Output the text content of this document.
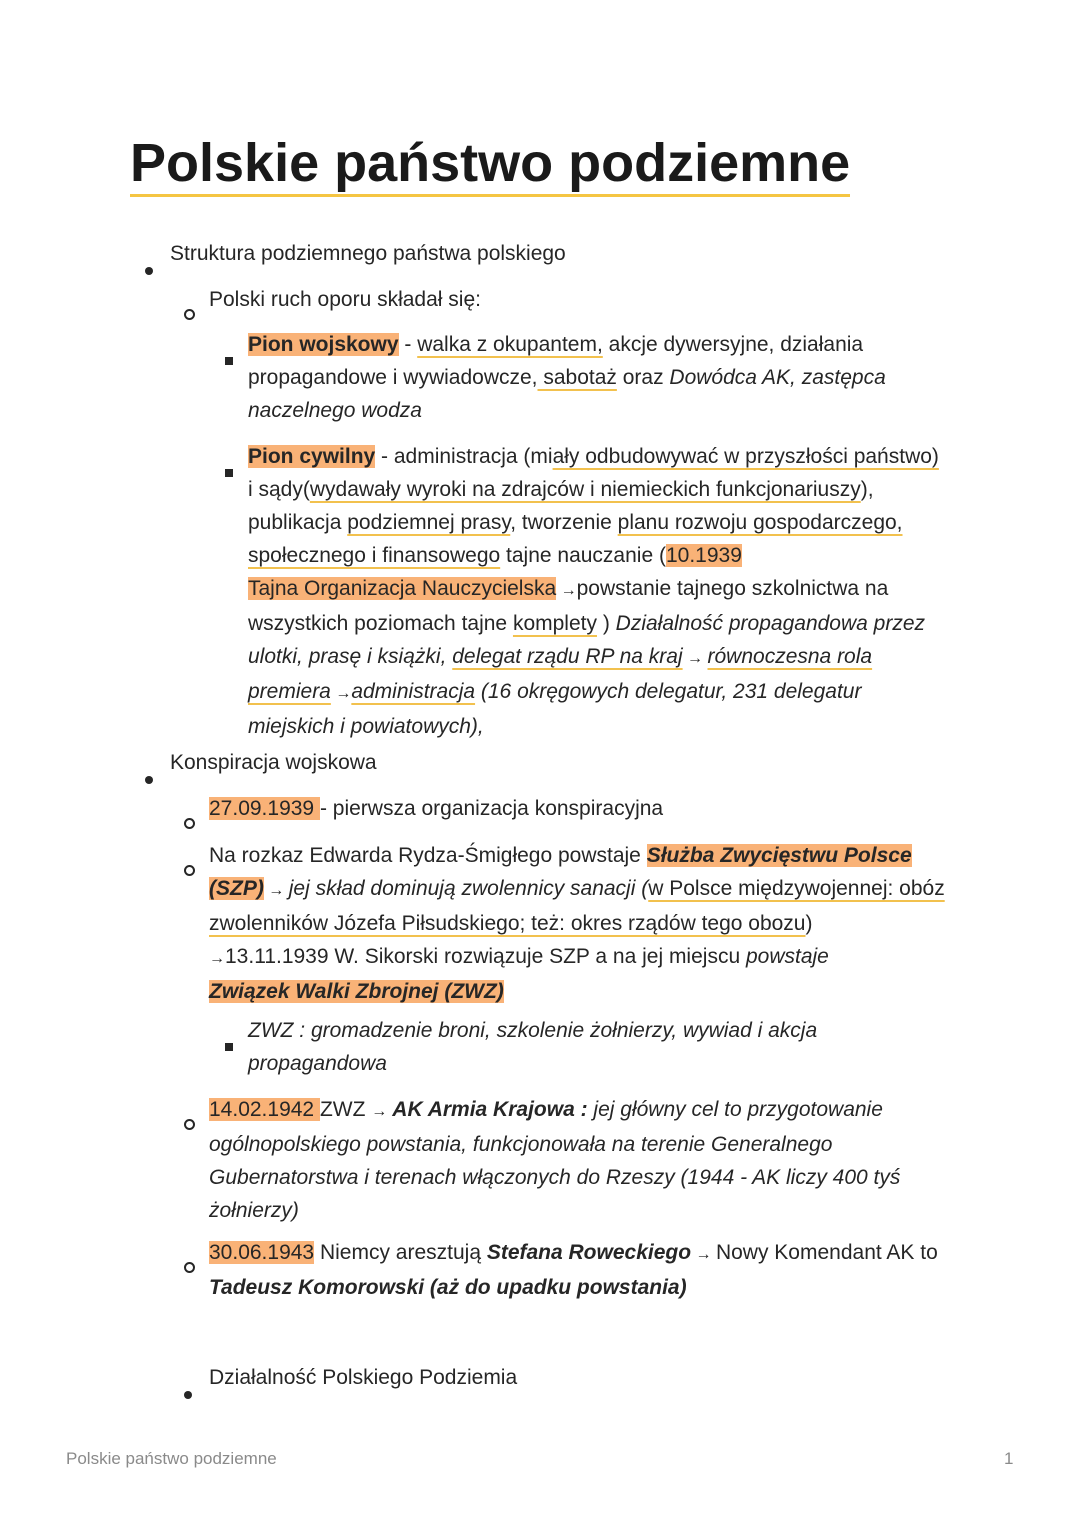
Polskie państwo podziemne

Struktura podziemnego państwa polskiego

Polski ruch oporu składał się:

Pion wojskowy - walka z okupantem, akcje dywersyjne, działania propagandowe i wywiadowcze, sabotaż oraz Dowódca AK, zastępca naczelnego wodza

Pion cywilny - administracja (miały odbudowywać w przyszłości państwo) i sądy(wydawały wyroki na zdrajców i niemieckich funkcjonariuszy), publikacja podziemnej prasy, tworzenie planu rozwoju gospodarczego, społecznego i finansowego tajne nauczanie (10.1939
Tajna Organizacja Nauczycielska →powstanie tajnego szkolnictwa na wszystkich poziomach tajne komplety ) Działalność propagandowa przez ulotki, prasę i książki, delegat rządu RP na kraj → równoczesna rola premiera →administracja (16 okręgowych delegatur, 231 delegatur miejskich i powiatowych),

Konspiracja wojskowa

27.09.1939 - pierwsza organizacja konspiracyjna

Na rozkaz Edwarda Rydza-Śmigłego powstaje Służba Zwycięstwu Polsce (SZP) → jej skład dominują zwolennicy sanacji (w Polsce międzywojennej: obóz zwolenników Józefa Piłsudskiego; też: okres rządów tego obozu)
→13.11.1939 W. Sikorski rozwiązuje SZP a na jej miejscu powstaje
Związek Walki Zbrojnej (ZWZ)

ZWZ : gromadzenie broni, szkolenie żołnierzy, wywiad i akcja propagandowa

14.02.1942 ZWZ → AK Armia Krajowa : jej główny cel to przygotowanie ogólnopolskiego powstania, funkcjonowała na terenie Generalnego Gubernatorstwa i terenach włączonych do Rzeszy (1944 - AK liczy 400 tyś żołnierzy)

30.06.1943 Niemcy aresztują Stefana Roweckiego → Nowy Komendant AK to Tadeusz Komorowski (aż do upadku powstania)

Działalność Polskiego Podziemia

Polskie państwo podziemne	1
